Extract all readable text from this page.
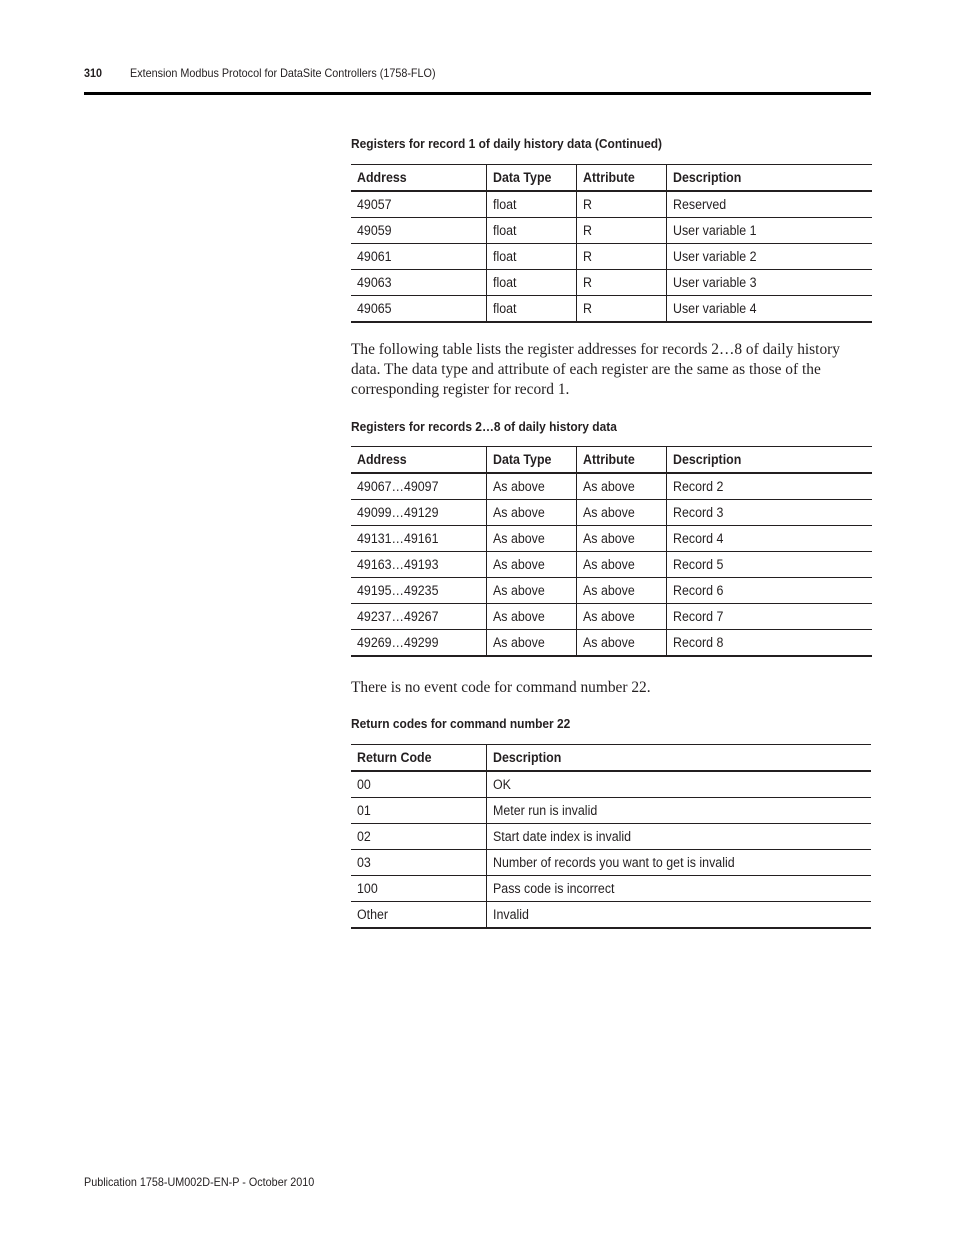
310 Extension Modbus Protocol for DataSite Controllers (1758-FLO)
Registers for record 1 of daily history data (Continued)
Address	Data Type	Attribute	Description
49057	float	R	Reserved
49059	float	R	User variable 1
49061	float	R	User variable 2
49063	float	R	User variable 3
49065	float	R	User variable 4
The following table lists the register addresses for records 2…8 of daily history data. The data type and attribute of each register are the same as those of the corresponding register for record 1.
Registers for records 2…8 of daily history data
Address	Data Type	Attribute	Description
49067…49097	As above	As above	Record 2
49099…49129	As above	As above	Record 3
49131…49161	As above	As above	Record 4
49163…49193	As above	As above	Record 5
49195…49235	As above	As above	Record 6
49237…49267	As above	As above	Record 7
49269…49299	As above	As above	Record 8
There is no event code for command number 22.
Return codes for command number 22
Return Code	Description
00	OK
01	Meter run is invalid
02	Start date index is invalid
03	Number of records you want to get is invalid
100	Pass code is incorrect
Other	Invalid
Publication 1758-UM002D-EN-P - October 2010
